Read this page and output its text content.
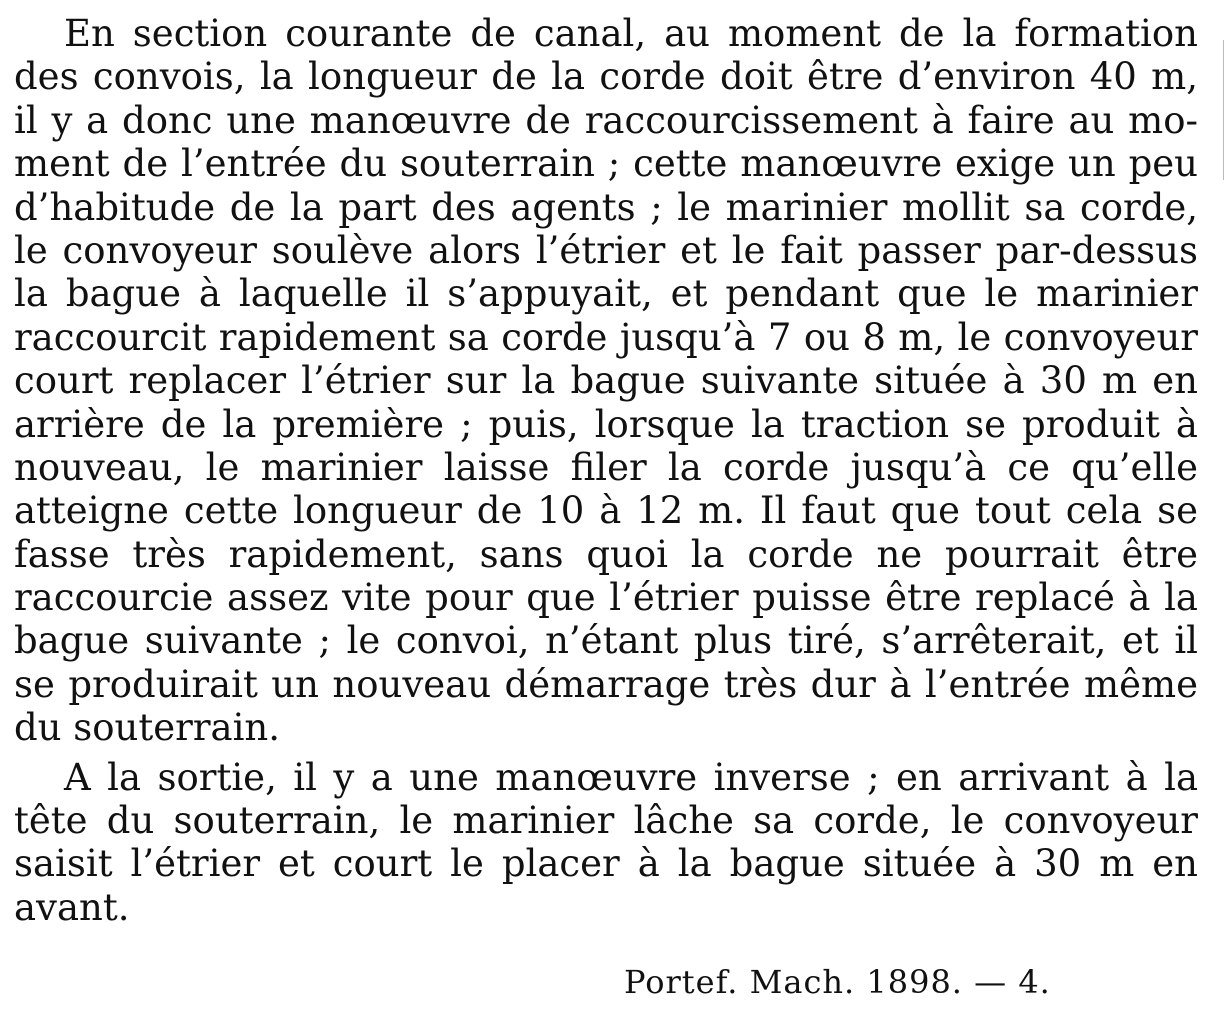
En section courante de canal, au moment de la formation
des convois, la longueur de la corde doit être d’environ 40 m,
il y a donc une manœuvre de raccourcissement à faire au mo-
ment de l’entrée du souterrain ; cette manœuvre exige un peu
d’habitude de la part des agents ; le marinier mollit sa corde,
le convoyeur soulève alors l’étrier et le fait passer par-dessus
la bague à laquelle il s’appuyait, et pendant que le marinier
raccourcit rapidement sa corde jusqu’à 7 ou 8 m, le convoyeur
court replacer l’étrier sur la bague suivante située à 30 m en
arrière de la première ; puis, lorsque la traction se produit à
nouveau, le marinier laisse filer la corde jusqu’à ce qu’elle
atteigne cette longueur de 10 à 12 m. Il faut que tout cela se
fasse très rapidement, sans quoi la corde ne pourrait être
raccourcie assez vite pour que l’étrier puisse être replacé à la
bague suivante ; le convoi, n’étant plus tiré, s’arrêterait, et il
se produirait un nouveau démarrage très dur à l’entrée même
du souterrain.
A la sortie, il y a une manœuvre inverse ; en arrivant à la
tête du souterrain, le marinier lâche sa corde, le convoyeur
saisit l’étrier et court le placer à la bague située à 30 m en
avant.
Portef. Mach. 1898. — 4.
